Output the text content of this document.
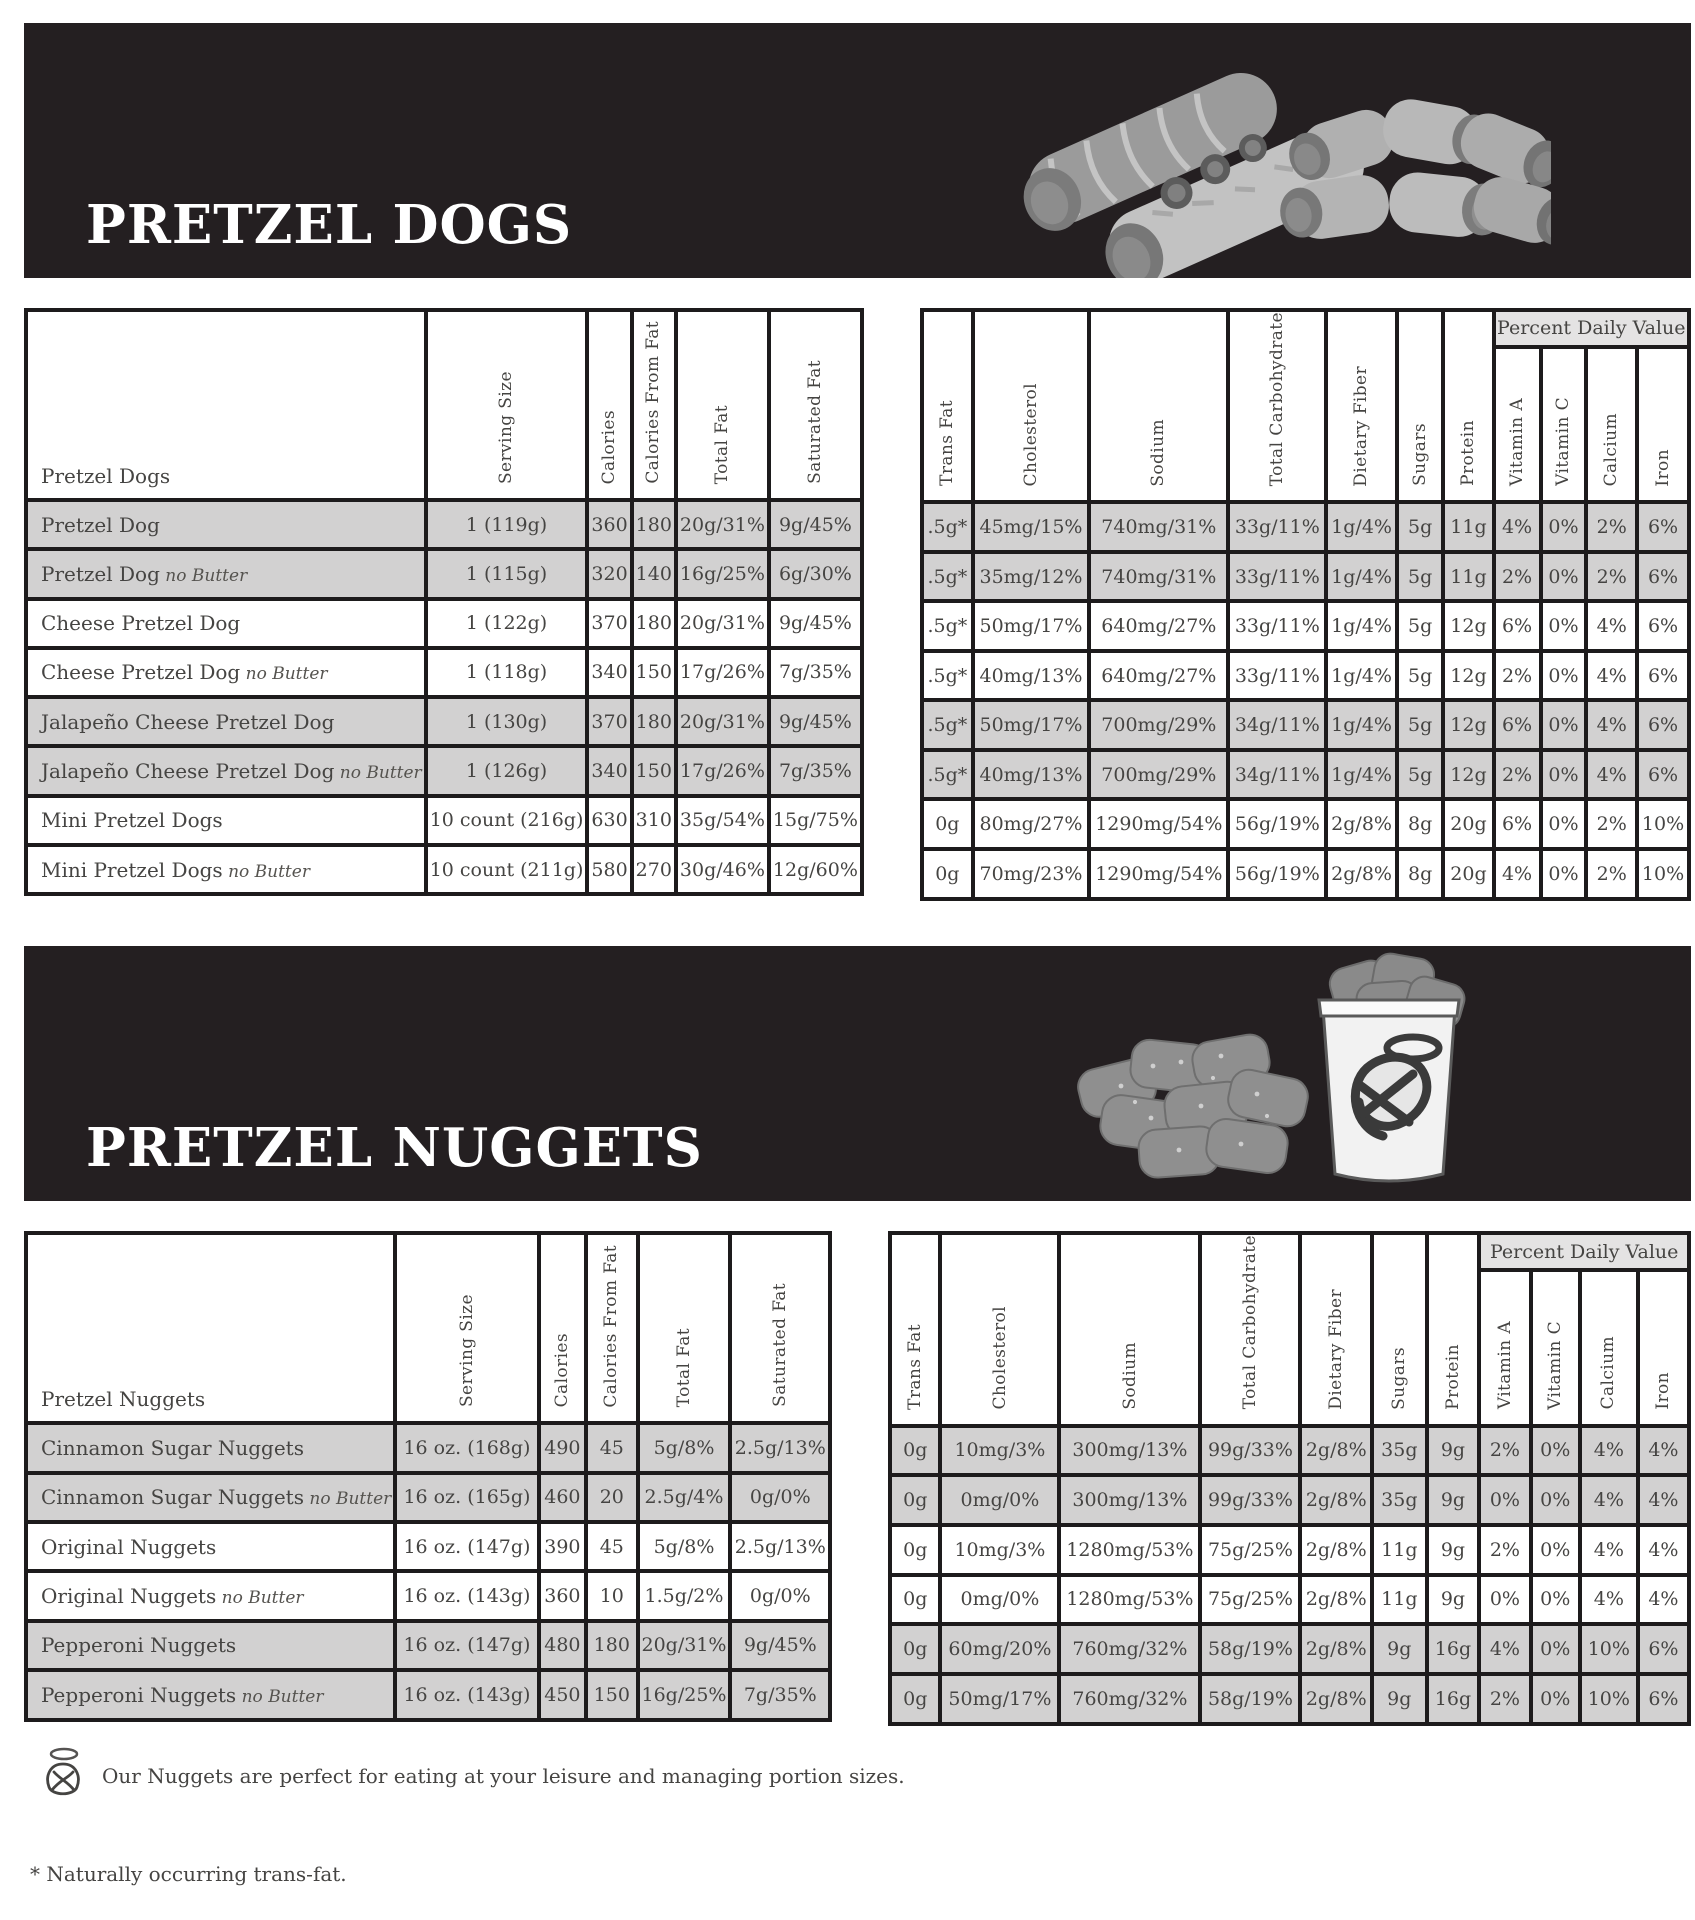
PRETZEL DOGS
Pretzel Dogs	Serving Size	Calories	Calories From Fat	Total Fat	Saturated Fat
Pretzel Dog	1 (119g)	360	180	20g/31%	9g/45%
Pretzel Dog no Butter	1 (115g)	320	140	16g/25%	6g/30%
Cheese Pretzel Dog	1 (122g)	370	180	20g/31%	9g/45%
Cheese Pretzel Dog no Butter	1 (118g)	340	150	17g/26%	7g/35%
Jalapeño Cheese Pretzel Dog	1 (130g)	370	180	20g/31%	9g/45%
Jalapeño Cheese Pretzel Dog no Butter	1 (126g)	340	150	17g/26%	7g/35%
Mini Pretzel Dogs	10 count (216g)	630	310	35g/54%	15g/75%
Mini Pretzel Dogs no Butter	10 count (211g)	580	270	30g/46%	12g/60%
Trans Fat	Cholesterol	Sodium	Total Carbohydrate	Dietary Fiber	Sugars	Protein	Percent Daily Value			
							Vitamin A	Vitamin C	Calcium	Iron
.5g*	45mg/15%	740mg/31%	33g/11%	1g/4%	5g	11g	4%	0%	2%	6%
.5g*	35mg/12%	740mg/31%	33g/11%	1g/4%	5g	11g	2%	0%	2%	6%
.5g*	50mg/17%	640mg/27%	33g/11%	1g/4%	5g	12g	6%	0%	4%	6%
.5g*	40mg/13%	640mg/27%	33g/11%	1g/4%	5g	12g	2%	0%	4%	6%
.5g*	50mg/17%	700mg/29%	34g/11%	1g/4%	5g	12g	6%	0%	4%	6%
.5g*	40mg/13%	700mg/29%	34g/11%	1g/4%	5g	12g	2%	0%	4%	6%
0g	80mg/27%	1290mg/54%	56g/19%	2g/8%	8g	20g	6%	0%	2%	10%
0g	70mg/23%	1290mg/54%	56g/19%	2g/8%	8g	20g	4%	0%	2%	10%
PRETZEL NUGGETS
Pretzel Nuggets	Serving Size	Calories	Calories From Fat	Total Fat	Saturated Fat
Cinnamon Sugar Nuggets	16 oz. (168g)	490	45	5g/8%	2.5g/13%
Cinnamon Sugar Nuggets no Butter	16 oz. (165g)	460	20	2.5g/4%	0g/0%
Original Nuggets	16 oz. (147g)	390	45	5g/8%	2.5g/13%
Original Nuggets no Butter	16 oz. (143g)	360	10	1.5g/2%	0g/0%
Pepperoni Nuggets	16 oz. (147g)	480	180	20g/31%	9g/45%
Pepperoni Nuggets no Butter	16 oz. (143g)	450	150	16g/25%	7g/35%
Trans Fat	Cholesterol	Sodium	Total Carbohydrate	Dietary Fiber	Sugars	Protein	Percent Daily Value			
							Vitamin A	Vitamin C	Calcium	Iron
0g	10mg/3%	300mg/13%	99g/33%	2g/8%	35g	9g	2%	0%	4%	4%
0g	0mg/0%	300mg/13%	99g/33%	2g/8%	35g	9g	0%	0%	4%	4%
0g	10mg/3%	1280mg/53%	75g/25%	2g/8%	11g	9g	2%	0%	4%	4%
0g	0mg/0%	1280mg/53%	75g/25%	2g/8%	11g	9g	0%	0%	4%	4%
0g	60mg/20%	760mg/32%	58g/19%	2g/8%	9g	16g	4%	0%	10%	6%
0g	50mg/17%	760mg/32%	58g/19%	2g/8%	9g	16g	2%	0%	10%	6%
Our Nuggets are perfect for eating at your leisure and managing portion sizes.

* Naturally occurring trans-fat.
